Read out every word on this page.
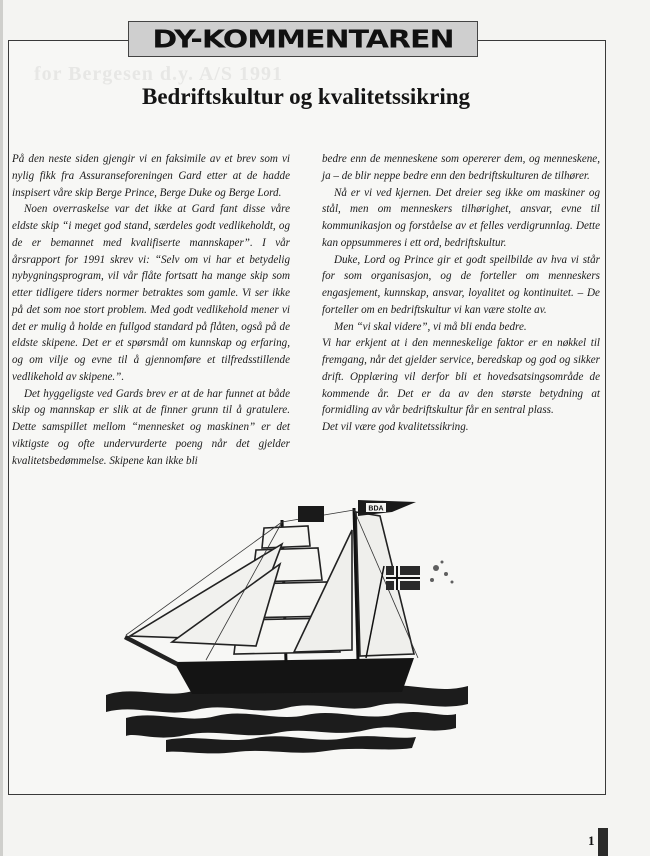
for Bergesen d.y. A/S 1991
DY-KOMMENTAREN
Bedriftskultur og kvalitetssikring

På den neste siden gjengir vi en faksimile av et brev som vi nylig fikk fra Assuranseforeningen Gard etter at de hadde inspisert våre skip Berge Prince, Berge Duke og Berge Lord.

Noen overraskelse var det ikke at Gard fant disse våre eldste skip “i meget god stand, særdeles godt vedlikeholdt, og de er bemannet med kvalifiserte mannskaper”. I vår årsrapport for 1991 skrev vi: “Selv om vi har et betydelig nybygningsprogram, vil vår flåte fortsatt ha mange skip som etter tidligere tiders normer betraktes som gamle. Vi ser ikke på det som noe stort problem. Med godt vedlikehold mener vi det er mulig å holde en fullgod standard på flåten, også på de eldste skipene. Det er et spørsmål om kunnskap og erfaring, og om vilje og evne til å gjennomføre et tilfredsstillende vedlikehold av skipene.”.

Det hyggeligste ved Gards brev er at de har funnet at både skip og mannskap er slik at de finner grunn til å gratulere. Dette samspillet mellom “mennesket og maskinen” er det viktigste og ofte undervurderte poeng når det gjelder kvalitetsbedømmelse. Skipene kan ikke bli

bedre enn de menneskene som opererer dem, og menneskene, ja – de blir neppe bedre enn den bedriftskulturen de tilhører.

Nå er vi ved kjernen. Det dreier seg ikke om maskiner og stål, men om menneskers tilhørighet, ansvar, evne til kommunikasjon og forståelse av et felles verdigrunnlag. Dette kan oppsummeres i ett ord, bedriftskultur.

Duke, Lord og Prince gir et godt speilbilde av hva vi står for som organisasjon, og de forteller om menneskers engasjement, kunnskap, ansvar, loyalitet og kontinuitet. – De forteller om en bedriftskultur vi kan være stolte av.

Men “vi skal videre”, vi må bli enda bedre.

Vi har erkjent at i den menneskelige faktor er en nøkkel til fremgang, når det gjelder service, beredskap og god og sikker drift. Opplæring vil derfor bli et hovedsatsingsområde de kommende år. Det er da av den største betydning at formidling av vår bedriftskultur får en sentral plass.

Det vil være god kvalitetssikring.

BDA
1
